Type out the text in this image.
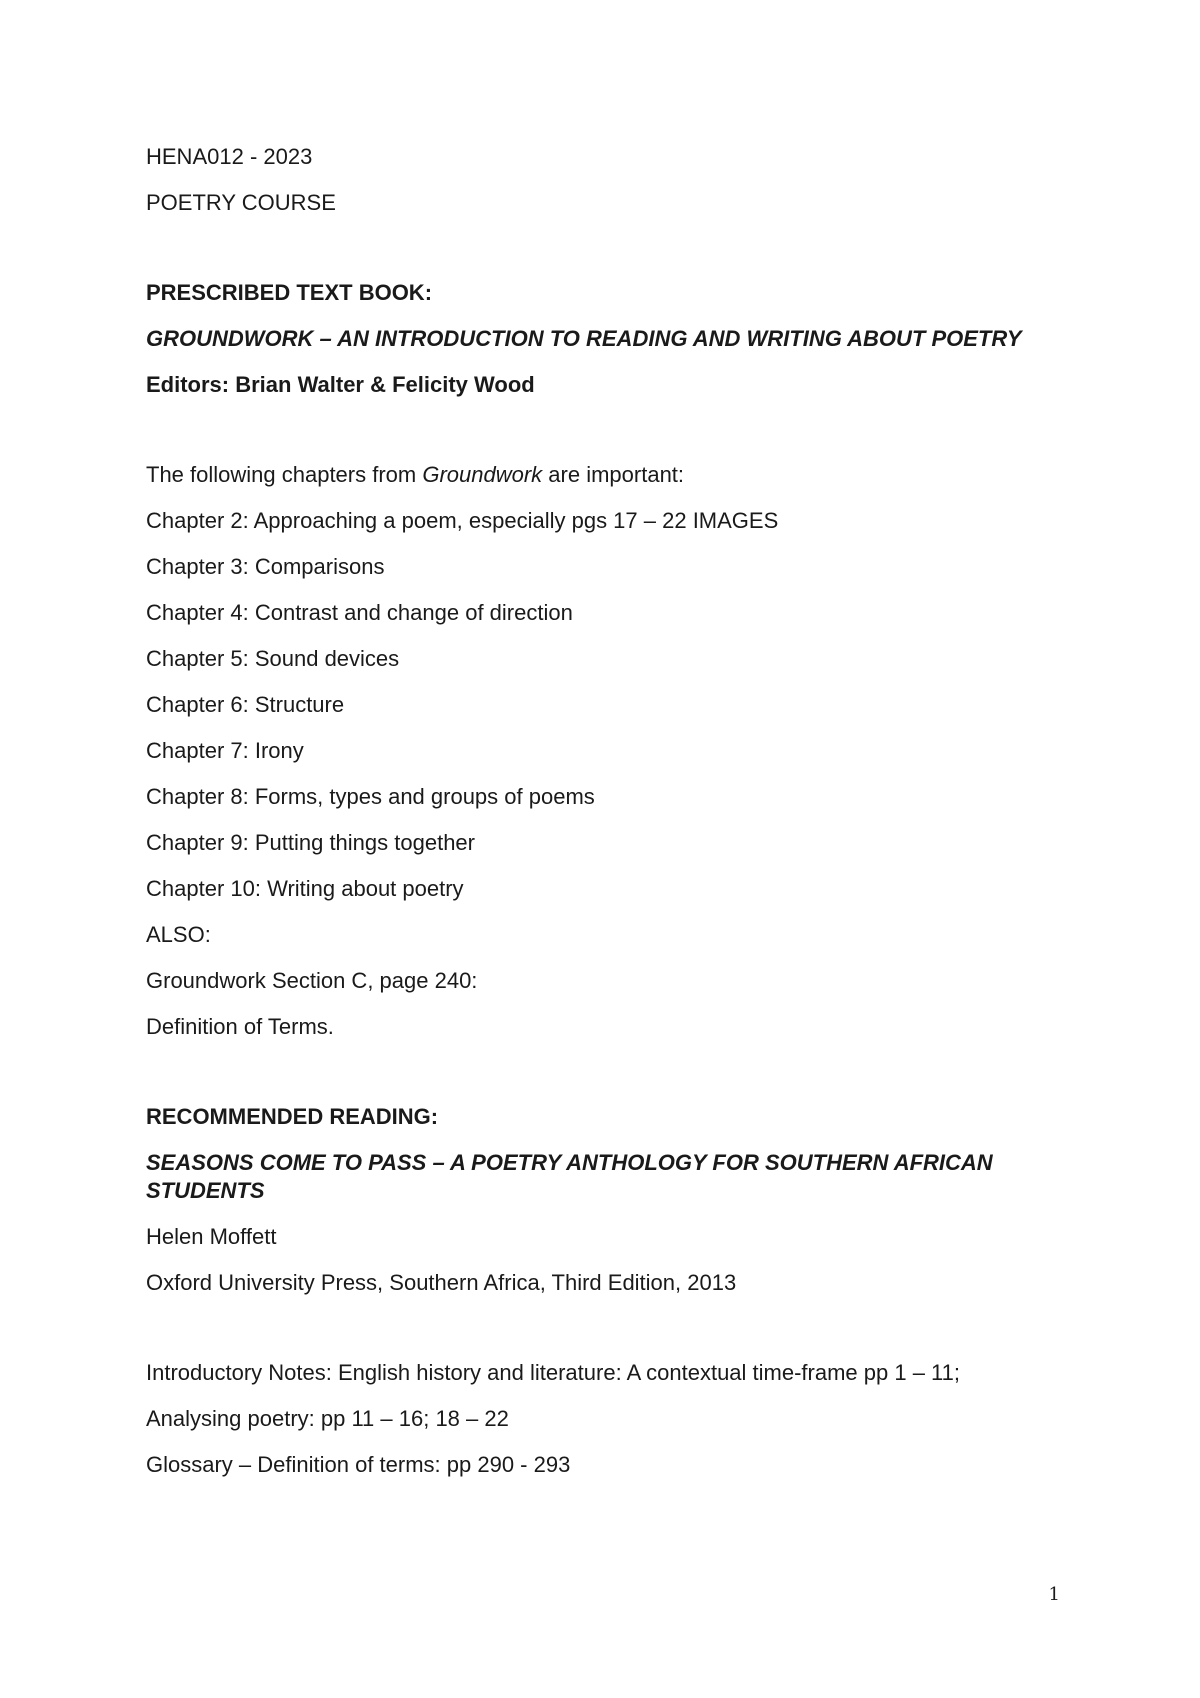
HENA012 - 2023

POETRY COURSE

PRESCRIBED TEXT BOOK:

GROUNDWORK – AN INTRODUCTION TO READING AND WRITING ABOUT POETRY

Editors: Brian Walter & Felicity Wood

The following chapters from Groundwork are important:

Chapter 2: Approaching a poem, especially pgs 17 – 22 IMAGES

Chapter 3: Comparisons

Chapter 4: Contrast and change of direction

Chapter 5: Sound devices

Chapter 6: Structure

Chapter 7: Irony

Chapter 8: Forms, types and groups of poems

Chapter 9: Putting things together

Chapter 10: Writing about poetry

ALSO:

Groundwork Section C, page 240:

Definition of Terms.

RECOMMENDED READING:

SEASONS COME TO PASS – A POETRY ANTHOLOGY FOR SOUTHERN AFRICAN STUDENTS

Helen Moffett

Oxford University Press, Southern Africa, Third Edition, 2013

Introductory Notes: English history and literature: A contextual time-frame pp 1 – 11;

Analysing poetry: pp 11 – 16; 18 – 22

Glossary – Definition of terms: pp 290 - 293

1
